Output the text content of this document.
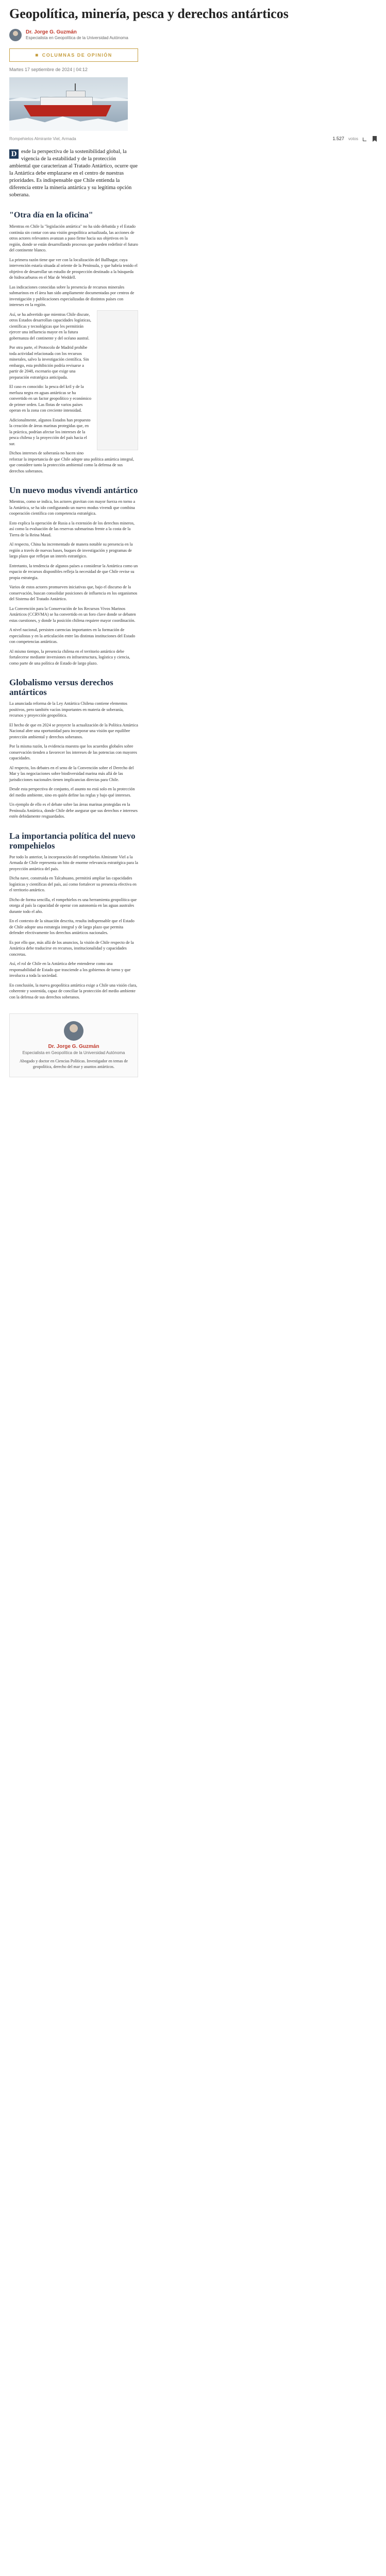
Geopolítica, minería, pesca y derechos antárticos
Dr. Jorge G. Guzmán
Especialista en Geopolítica de la Universidad Autónoma
■ COLUMNAS DE OPINIÓN
Martes 17 septiembre de 2024 | 04:12
Rompehielos Almirante Viel, Armada	1.527 votos

D esde la perspectiva de la sostenibilidad global, la vigencia de la estabilidad y de la protección ambiental que caracterizan al Tratado Antártico, ocurre que la Antártica debe emplazarse en el centro de nuestras prioridades. Es indispensable que Chile entienda la diferencia entre la minería antártica y su legítima opción soberana.

"Otra día en la oficina"

Mientras en Chile la "legislación antártica" no ha sido debatida y el Estado continúa sin contar con una visión geopolítica actualizada, las acciones de otros actores relevantes avanzan a paso firme hacia sus objetivos en la región, donde se están desarrollando procesos que pueden redefinir el futuro del continente blanco.

La primera razón tiene que ver con la localización del Ballhagar, cuya intervención estaría situada al oriente de la Península, y que habría tenido el objetivo de desarrollar un estudio de prospección destinado a la búsqueda de hidrocarburos en el Mar de Weddell.

Las indicaciones conocidas sobre la presencia de recursos minerales submarinos en el área han sido ampliamente documentadas por centros de investigación y publicaciones especializadas de distintos países con intereses en la región.

Así, se ha advertido que mientras Chile discute, otros Estados desarrollan capacidades logísticas, científicas y tecnológicas que les permitirán ejercer una influencia mayor en la futura gobernanza del continente y del océano austral.

Por otra parte, el Protocolo de Madrid prohíbe toda actividad relacionada con los recursos minerales, salvo la investigación científica. Sin embargo, esta prohibición podría revisarse a partir de 2048, escenario que exige una preparación estratégica anticipada.

El caso es conocido: la pesca del kril y de la merluza negra en aguas antárticas se ha convertido en un factor geopolítico y económico de primer orden. Las flotas de varios países operan en la zona con creciente intensidad.

Adicionalmente, algunos Estados han propuesto la creación de áreas marinas protegidas que, en la práctica, podrían afectar los intereses de la pesca chilena y la proyección del país hacia el sur.

Dichos intereses de soberanía no hacen sino reforzar la importancia de que Chile adopte una política antártica integral, que considere tanto la protección ambiental como la defensa de sus derechos soberanos.

Un nuevo modus vivendi antártico

Mientras, como se indica, los actores gravitan con mayor fuerza en torno a la Antártica, se ha ido configurando un nuevo modus vivendi que combina cooperación científica con competencia estratégica.

Esto explica la operación de Rusia a la extensión de los derechos mineros, así como la evaluación de las reservas submarinas frente a la costa de la Tierra de la Reina Maud.

Al respecto, China ha incrementado de manera notable su presencia en la región a través de nuevas bases, buques de investigación y programas de largo plazo que reflejan un interés estratégico.

Entretanto, la tendencia de algunos países a considerar la Antártica como un espacio de recursos disponibles refleja la necesidad de que Chile revise su propia estrategia.

Varios de estos actores promueven iniciativas que, bajo el discurso de la conservación, buscan consolidar posiciones de influencia en los organismos del Sistema del Tratado Antártico.

La Convención para la Conservación de los Recursos Vivos Marinos Antárticos (CCRVMA) se ha convertido en un foro clave donde se debaten estas cuestiones, y donde la posición chilena requiere mayor coordinación.

A nivel nacional, persisten carencias importantes en la formación de especialistas y en la articulación entre las distintas instituciones del Estado con competencias antárticas.

Al mismo tiempo, la presencia chilena en el territorio antártico debe fortalecerse mediante inversiones en infraestructura, logística y ciencia, como parte de una política de Estado de largo plazo.

Globalismo versus derechos antárticos

La anunciada reforma de la Ley Antártica Chilena contiene elementos positivos, pero también vacíos importantes en materia de soberanía, recursos y proyección geopolítica.

El hecho de que en 2024 se proyecte la actualización de la Política Antártica Nacional abre una oportunidad para incorporar una visión que equilibre protección ambiental y derechos soberanos.

Por la misma razón, la evidencia muestra que los acuerdos globales sobre conservación tienden a favorecer los intereses de las potencias con mayores capacidades.

Al respecto, los debates en el seno de la Convención sobre el Derecho del Mar y las negociaciones sobre biodiversidad marina más allá de las jurisdicciones nacionales tienen implicancias directas para Chile.

Desde esta perspectiva de conjunto, el asunto no está solo en la protección del medio ambiente, sino en quién define las reglas y bajo qué intereses.

Un ejemplo de ello es el debate sobre las áreas marinas protegidas en la Península Antártica, donde Chile debe asegurar que sus derechos e intereses estén debidamente resguardados.

La importancia política del nuevo rompehielos

Por todo lo anterior, la incorporación del rompehielos Almirante Viel a la Armada de Chile representa un hito de enorme relevancia estratégica para la proyección antártica del país.

Dicha nave, construida en Talcahuano, permitirá ampliar las capacidades logísticas y científicas del país, así como fortalecer su presencia efectiva en el territorio antártico.

Dicho de forma sencilla, el rompehielos es una herramienta geopolítica que otorga al país la capacidad de operar con autonomía en las aguas australes durante todo el año.

En el contexto de la situación descrita, resulta indispensable que el Estado de Chile adopte una estrategia integral y de largo plazo que permita defender efectivamente los derechos antárticos nacionales.

Es por ello que, más allá de los anuncios, la visión de Chile respecto de la Antártica debe traducirse en recursos, institucionalidad y capacidades concretas.

Así, el rol de Chile en la Antártica debe entenderse como una responsabilidad de Estado que trasciende a los gobiernos de turno y que involucra a toda la sociedad.

En conclusión, la nueva geopolítica antártica exige a Chile una visión clara, coherente y sostenida, capaz de conciliar la protección del medio ambiente con la defensa de sus derechos soberanos.

Dr. Jorge G. Guzmán
Especialista en Geopolítica de la Universidad Autónoma
Abogado y doctor en Ciencias Políticas. Investigador en temas de geopolítica, derecho del mar y asuntos antárticos.
